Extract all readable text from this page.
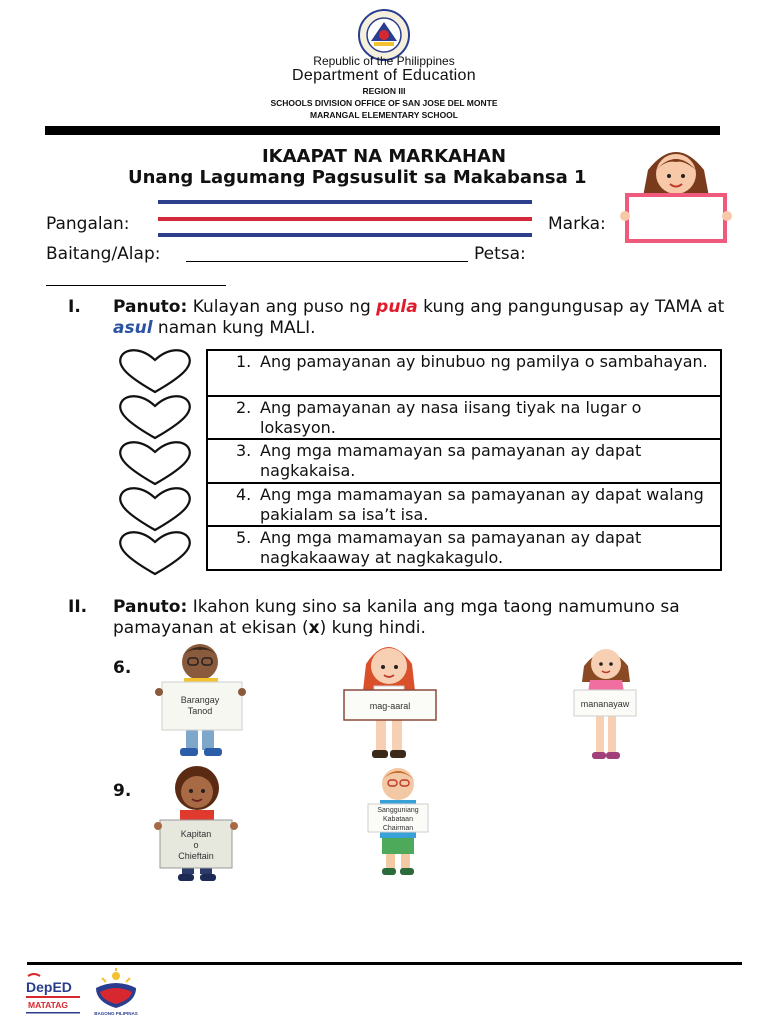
Republic of the Philippines
Department of Education
REGION III
SCHOOLS DIVISION OFFICE OF SAN JOSE DEL MONTE
MARANGAL ELEMENTARY SCHOOL
IKAAPAT NA MARKAHAN
Unang Lagumang Pagsusulit sa Makabansa 1
Pangalan:	Marka:
Baitang/Alap:	Petsa:
I. Panuto: Kulayan ang puso ng pula kung ang pangungusap ay TAMA at asul naman kung MALI.
1. Ang pamayanan ay binubuo ng pamilya o sambahayan.
2. Ang pamayanan ay nasa iisang tiyak na lugar o lokasyon.
3. Ang mga mamamayan sa pamayanan ay dapat nagkakaisa.
4. Ang mga mamamayan sa pamayanan ay dapat walang pakialam sa isa’t isa.
5. Ang mga mamamayan sa pamayanan ay dapat nagkakaaway at nagkakagulo.
II. Panuto: Ikahon kung sino sa kanila ang mga taong namumuno sa pamayanan at ekisan (x) kung hindi.
6.
9.
Barangay
Tanod	mag-aaral	mananayaw
Kapitan
o
Chieftain
Sangguniang
Kabataan
Chairman
DepED
MATATAG
BAGONG PILIPINAS
